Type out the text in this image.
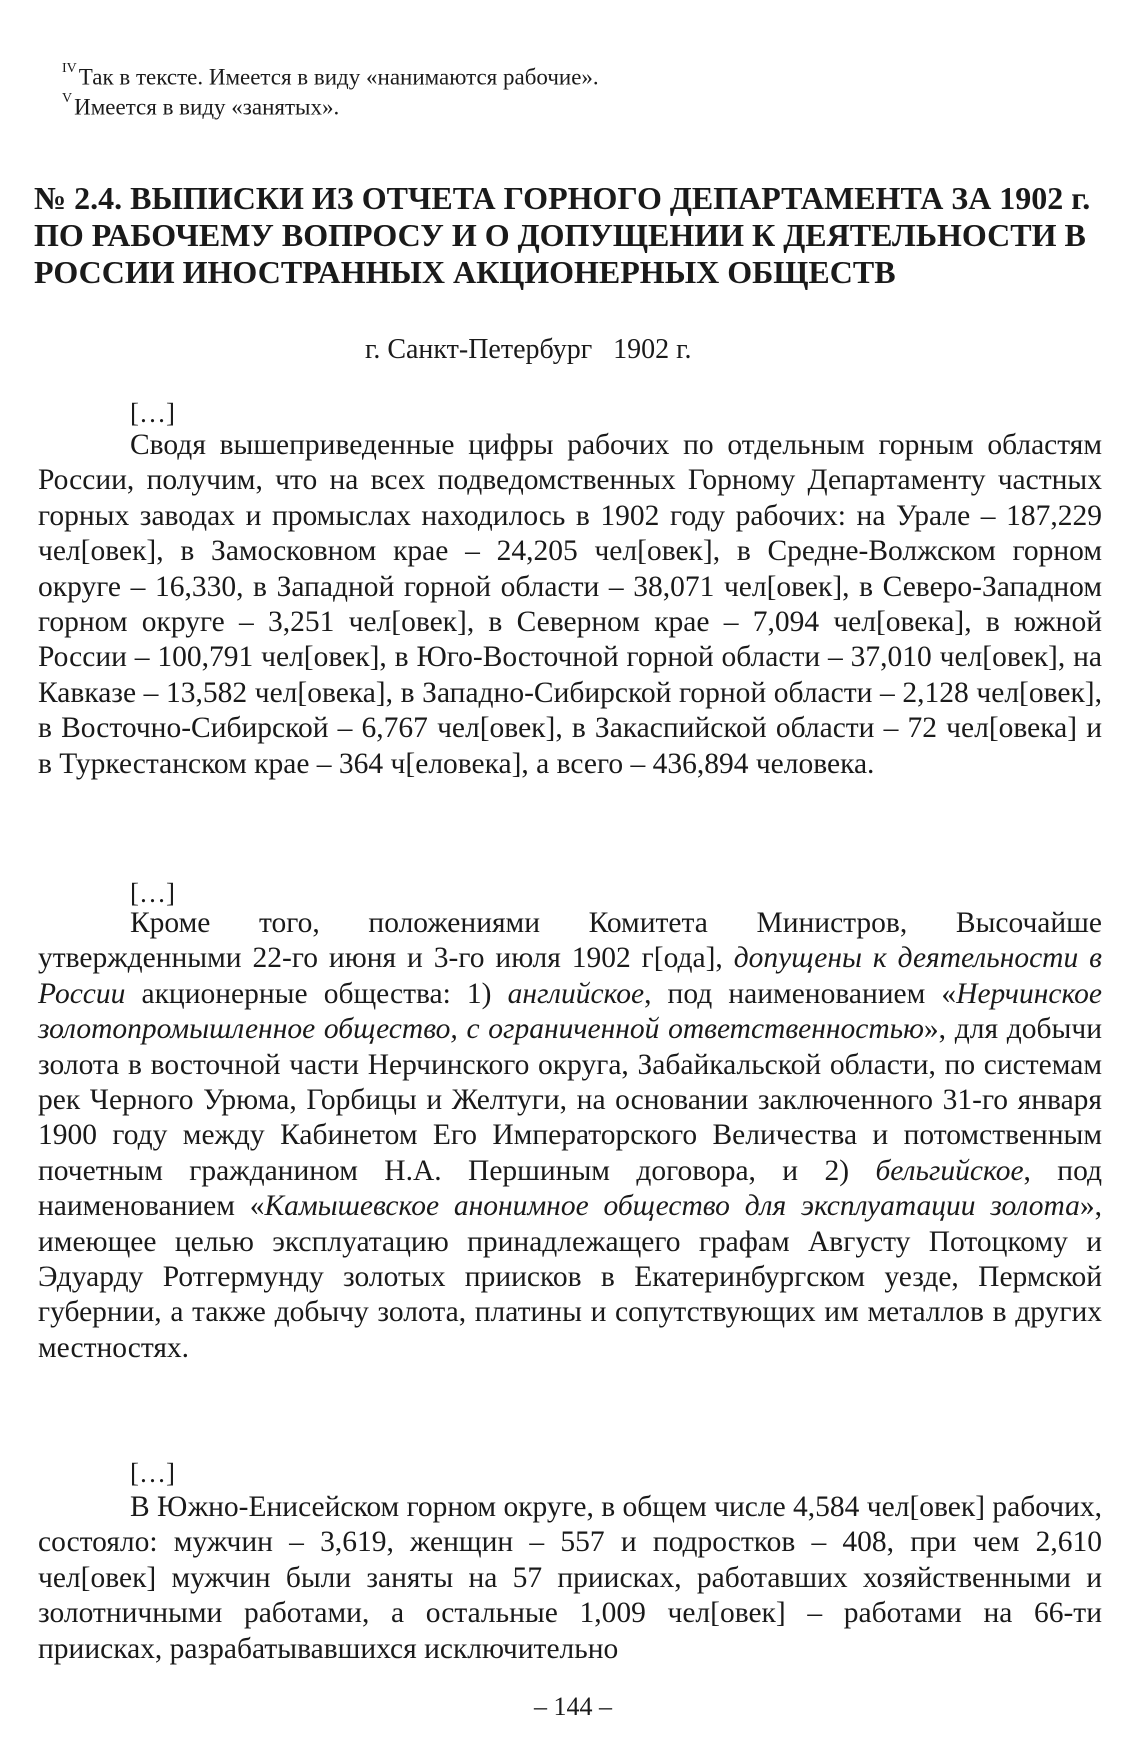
$^{IV}$Так в тексте. Имеется в виду «нанимаются рабочие».
$^V$Имеется в виду «занятых».
№ 2.4. ВЫПИСКИ ИЗ ОТЧЕТА ГОРНОГО ДЕПАРТАМЕНТА ЗА 1902 г.
ПО РАБОЧЕМУ ВОПРОСУ И О ДОПУЩЕНИИ К ДЕЯТЕЛЬНОСТИ В
РОССИИ ИНОСТРАННЫХ АКЦИОНЕРНЫХ ОБЩЕСТВ
г. Санкт-Петербург   1902 г.
[…]

Сводя вышеприведенные цифры рабочих по отдельным горным областям России, получим, что на всех подведомственных Горному Департаменту частных горных заводах и промыслах находилось в 1902 году рабочих: на Урале – 187,229 чел[овек], в Замосковном крае – 24,205 чел[овек], в Средне-Волжском горном округе – 16,330, в Западной горной области – 38,071 чел[овек], в Северо-Западном горном округе – 3,251 чел[овек], в Северном крае – 7,094 чел[овека], в южной России – 100,791 чел[овек], в Юго-Восточной горной области – 37,010 чел[овек], на Кавказе – 13,582 чел[овека], в Западно-Сибирской горной области – 2,128 чел[овек], в Восточно-Сибирской – 6,767 чел[овек], в Закаспийской области – 72 чел[овека] и в Туркестанском крае – 364 ч[еловека], а всего – 436,894 человека.

[…]

Кроме того, положениями Комитета Министров, Высочайше утвержденными 22-го июня и 3-го июля 1902 г[ода], допущены к деятельности в России акционерные общества: 1) английское, под наименованием «Нерчинское золотопромышленное общество, с ограниченной ответственностью», для добычи золота в восточной части Нерчинского округа, Забайкальской области, по системам рек Черного Урюма, Горбицы и Желтуги, на основании заключенного 31-го января 1900 году между Кабинетом Его Императорского Величества и потомственным почетным гражданином Н.А. Першиным договора, и 2) бельгийское, под наименованием «Камышевское анонимное общество для эксплуатации золота», имеющее целью эксплуатацию принадлежащего графам Августу Потоцкому и Эдуарду Ротгермунду золотых приисков в Екатеринбургском уезде, Пермской губернии, а также добычу золота, платины и сопутствующих им металлов в других местностях.

[…]

В Южно-Енисейском горном округе, в общем числе 4,584 чел[овек] рабочих, состояло: мужчин – 3,619, женщин – 557 и подростков – 408, при чем 2,610 чел[овек] мужчин были заняты на 57 приисках, работавших хозяйственными и золотничными работами, а остальные 1,009 чел[овек] – работами на 66-ти приисках, разрабатывавшихся исключительно

– 144 –
